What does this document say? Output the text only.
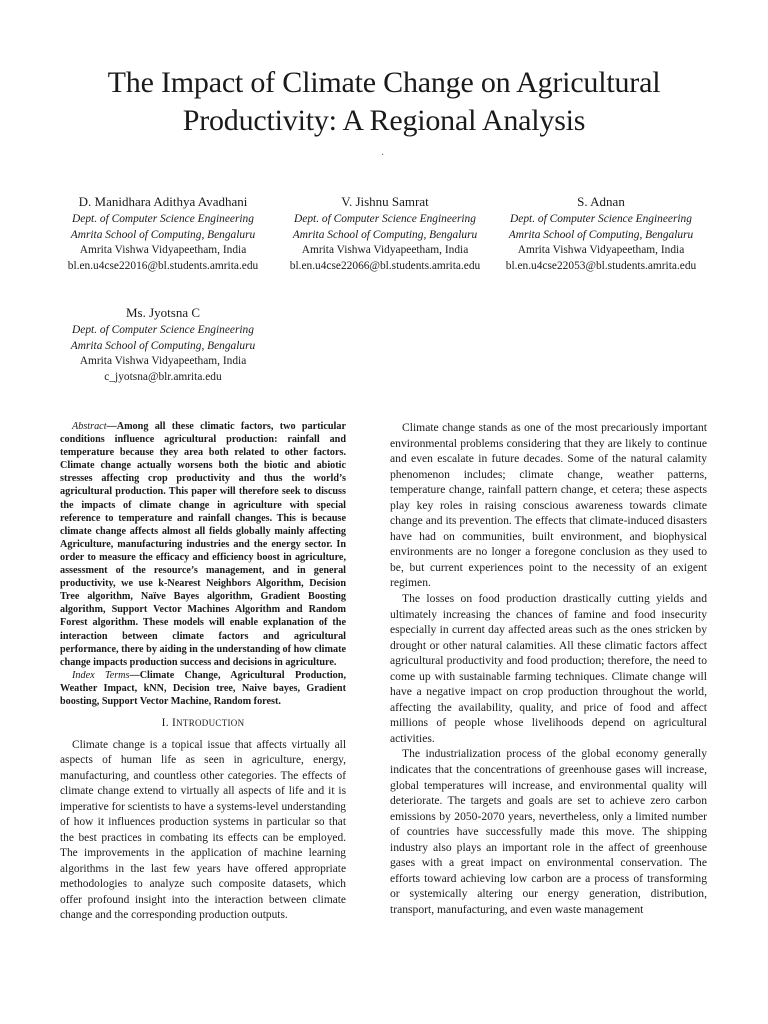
The Impact of Climate Change on Agricultural Productivity: A Regional Analysis
·
D. Manidhara Adithya Avadhani
Dept. of Computer Science Engineering
Amrita School of Computing, Bengaluru
Amrita Vishwa Vidyapeetham, India
bl.en.u4cse22016@bl.students.amrita.edu
V. Jishnu Samrat
Dept. of Computer Science Engineering
Amrita School of Computing, Bengaluru
Amrita Vishwa Vidyapeetham, India
bl.en.u4cse22066@bl.students.amrita.edu
S. Adnan
Dept. of Computer Science Engineering
Amrita School of Computing, Bengaluru
Amrita Vishwa Vidyapeetham, India
bl.en.u4cse22053@bl.students.amrita.edu
Ms. Jyotsna C
Dept. of Computer Science Engineering
Amrita School of Computing, Bengaluru
Amrita Vishwa Vidyapeetham, India
c_jyotsna@blr.amrita.edu

Abstract—Among all these climatic factors, two particular conditions influence agricultural production: rainfall and temperature because they area both related to other factors. Climate change actually worsens both the biotic and abiotic stresses affecting crop productivity and thus the world’s agricultural production. This paper will therefore seek to discuss the impacts of climate change in agriculture with special reference to temperature and rainfall changes. This is because climate change affects almost all fields globally mainly affecting Agriculture, manufacturing industries and the energy sector. In order to measure the efficacy and efficiency boost in agriculture, assessment of the resource’s management, and in general productivity, we use k-Nearest Neighbors Algorithm, Decision Tree algorithm, Naïve Bayes algorithm, Gradient Boosting algorithm, Support Vector Machines Algorithm and Random Forest algorithm. These models will enable explanation of the interaction between climate factors and agricultural performance, there by aiding in the understanding of how climate change impacts production success and decisions in agriculture.

Index Terms—Climate Change, Agricultural Production, Weather Impact, kNN, Decision tree, Naive bayes, Gradient boosting, Support Vector Machine, Random forest.

I. INTRODUCTION

Climate change is a topical issue that affects virtually all aspects of human life as seen in agriculture, energy, manufacturing, and countless other categories. The effects of climate change extend to virtually all aspects of life and it is imperative for scientists to have a systems-level understanding of how it influences production systems in particular so that the best practices in combating its effects can be employed. The improvements in the application of machine learning algorithms in the last few years have offered appropriate methodologies to analyze such composite datasets, which offer profound insight into the interaction between climate change and the corresponding production outputs.

Climate change stands as one of the most precariously important environmental problems considering that they are likely to continue and even escalate in future decades. Some of the natural calamity phenomenon includes; climate change, weather patterns, temperature change, rainfall pattern change, et cetera; these aspects play key roles in raising conscious awareness towards climate change and its prevention. The effects that climate-induced disasters have had on communities, built environment, and biophysical environments are no longer a foregone conclusion as they used to be, but current experiences point to the necessity of an exigent regimen.

The losses on food production drastically cutting yields and ultimately increasing the chances of famine and food insecurity especially in current day affected areas such as the ones stricken by drought or other natural calamities. All these climatic factors affect agricultural productivity and food production; therefore, the need to come up with sustainable farming techniques. Climate change will have a negative impact on crop production throughout the world, affecting the availability, quality, and price of food and affect millions of people whose livelihoods depend on agricultural activities.

The industrialization process of the global economy generally indicates that the concentrations of greenhouse gases will increase, global temperatures will increase, and environmental quality will deteriorate. The targets and goals are set to achieve zero carbon emissions by 2050-2070 years, nevertheless, only a limited number of countries have successfully made this move. The shipping industry also plays an important role in the affect of greenhouse gases with a great impact on environmental conservation. The efforts toward achieving low carbon are a process of transforming or systemically altering our energy generation, distribution, transport, manufacturing, and even waste management
